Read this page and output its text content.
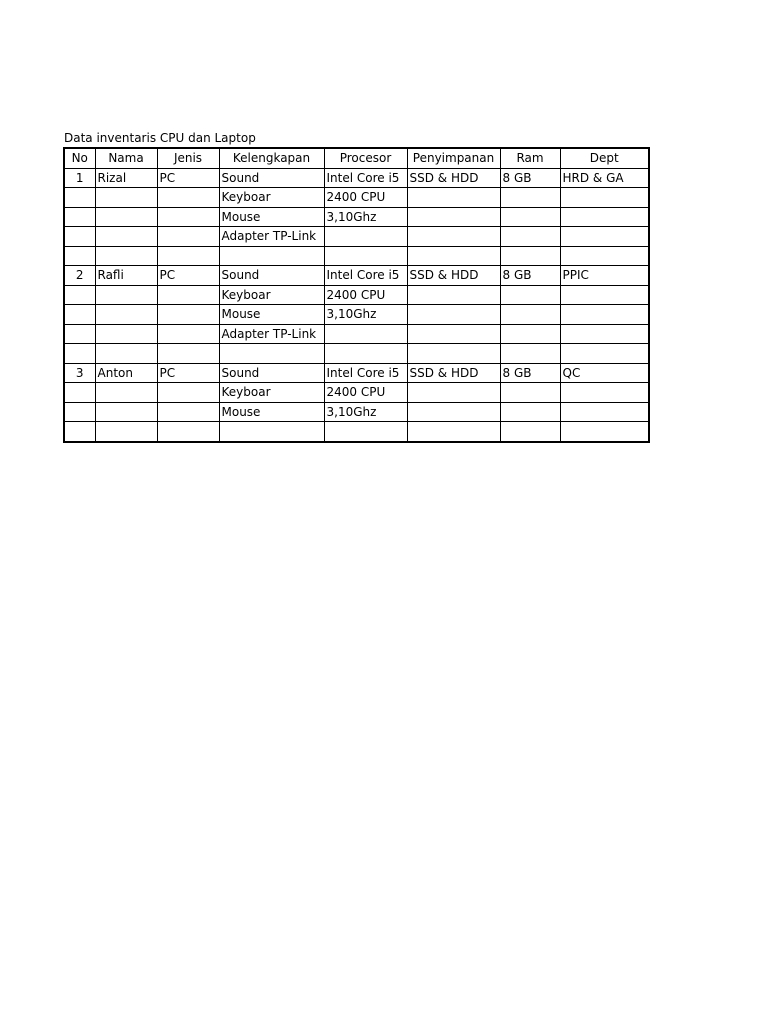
Data inventaris CPU dan Laptop
No	Nama	Jenis	Kelengkapan	Procesor	Penyimpanan	Ram	Dept
1	Rizal	PC	Sound	Intel Core i5	SSD & HDD	8 GB	HRD & GA
			Keyboar	2400 CPU			
			Mouse	3,10Ghz			
			Adapter TP-Link				

2	Rafli	PC	Sound	Intel Core i5	SSD & HDD	8 GB	PPIC
			Keyboar	2400 CPU			
			Mouse	3,10Ghz			
			Adapter TP-Link				

3	Anton	PC	Sound	Intel Core i5	SSD & HDD	8 GB	QC
			Keyboar	2400 CPU			
			Mouse	3,10Ghz			
